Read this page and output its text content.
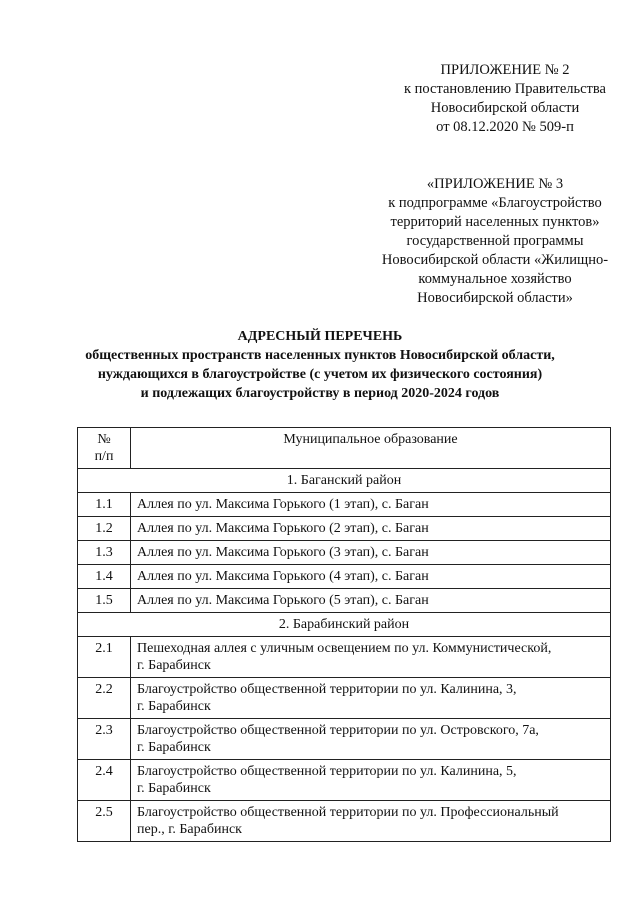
ПРИЛОЖЕНИЕ № 2
к постановлению Правительства
Новосибирской области
от 08.12.2020 № 509-п
«ПРИЛОЖЕНИЕ № 3
к подпрограмме «Благоустройство
территорий населенных пунктов»
государственной программы
Новосибирской области «Жилищно-
коммунальное хозяйство
Новосибирской области»
АДРЕСНЫЙ ПЕРЕЧЕНЬ
общественных пространств населенных пунктов Новосибирской области,
нуждающихся в благоустройстве (с учетом их физического состояния)
и подлежащих благоустройству в период 2020-2024 годов
№
п/п	Муниципальное образование
1. Баганский район	
1.1	Аллея по ул. Максима Горького (1 этап), с. Баган

1.2	Аллея по ул. Максима Горького (2 этап), с. Баган

1.3	Аллея по ул. Максима Горького (3 этап), с. Баган

1.4	Аллея по ул. Максима Горького (4 этап), с. Баган

1.5	Аллея по ул. Максима Горького (5 этап), с. Баган

2. Барабинский район	
2.1	Пешеходная аллея с уличным освещением по ул. Коммунистической,
г. Барабинск

2.2	Благоустройство общественной территории по ул. Калинина, 3,
г. Барабинск

2.3	Благоустройство общественной территории по ул. Островского, 7а,
г. Барабинск

2.4	Благоустройство общественной территории по ул. Калинина, 5,
г. Барабинск

2.5	Благоустройство общественной территории по ул. Профессиональный
пер., г. Барабинск
